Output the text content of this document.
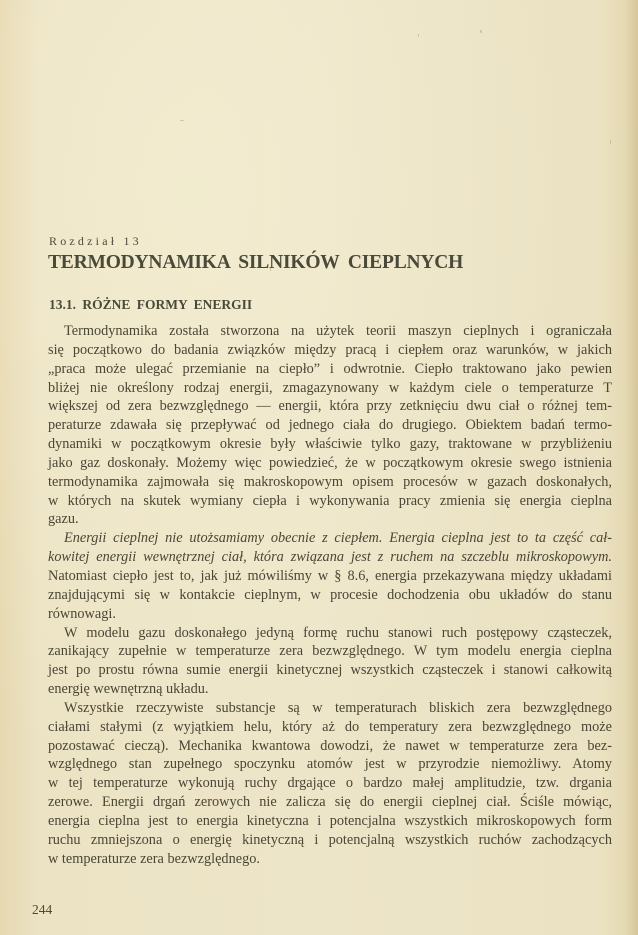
Rozdział 13
TERMODYNAMIKA SILNIKÓW CIEPLNYCH
13.1. RÓŻNE FORMY ENERGII

Termodynamika została stworzona na użytek teorii maszyn cieplnych i ograniczała
się początkowo do badania związków między pracą i ciepłem oraz warunków, w jakich
„praca może ulegać przemianie na ciepło” i odwrotnie. Ciepło traktowano jako pewien
bliżej nie określony rodzaj energii, zmagazynowany w każdym ciele o temperaturze T
większej od zera bezwzględnego — energii, która przy zetknięciu dwu ciał o różnej tem-
peraturze zdawała się przepływać od jednego ciała do drugiego. Obiektem badań termo-
dynamiki w początkowym okresie były właściwie tylko gazy, traktowane w przybliżeniu
jako gaz doskonały. Możemy więc powiedzieć, że w początkowym okresie swego istnienia
termodynamika zajmowała się makroskopowym opisem procesów w gazach doskonałych,
w których na skutek wymiany ciepła i wykonywania pracy zmienia się energia cieplna
gazu.

Energii cieplnej nie utożsamiamy obecnie z ciepłem. Energia cieplna jest to ta część cał-
kowitej energii wewnętrznej ciał, która związana jest z ruchem na szczeblu mikroskopowym.
Natomiast ciepło jest to, jak już mówiliśmy w § 8.6, energia przekazywana między układami
znajdującymi się w kontakcie cieplnym, w procesie dochodzenia obu układów do stanu
równowagi.

W modelu gazu doskonałego jedyną formę ruchu stanowi ruch postępowy cząsteczek,
zanikający zupełnie w temperaturze zera bezwzględnego. W tym modelu energia cieplna
jest po prostu równa sumie energii kinetycznej wszystkich cząsteczek i stanowi całkowitą
energię wewnętrzną układu.

Wszystkie rzeczywiste substancje są w temperaturach bliskich zera bezwzględnego
ciałami stałymi (z wyjątkiem helu, który aż do temperatury zera bezwzględnego może
pozostawać cieczą). Mechanika kwantowa dowodzi, że nawet w temperaturze zera bez-
względnego stan zupełnego spoczynku atomów jest w przyrodzie niemożliwy. Atomy
w tej temperaturze wykonują ruchy drgające o bardzo małej amplitudzie, tzw. drgania
zerowe. Energii drgań zerowych nie zalicza się do energii cieplnej ciał. Ściśle mówiąc,
energia cieplna jest to energia kinetyczna i potencjalna wszystkich mikroskopowych form
ruchu zmniejszona o energię kinetyczną i potencjalną wszystkich ruchów zachodzących
w temperaturze zera bezwzględnego.

244
